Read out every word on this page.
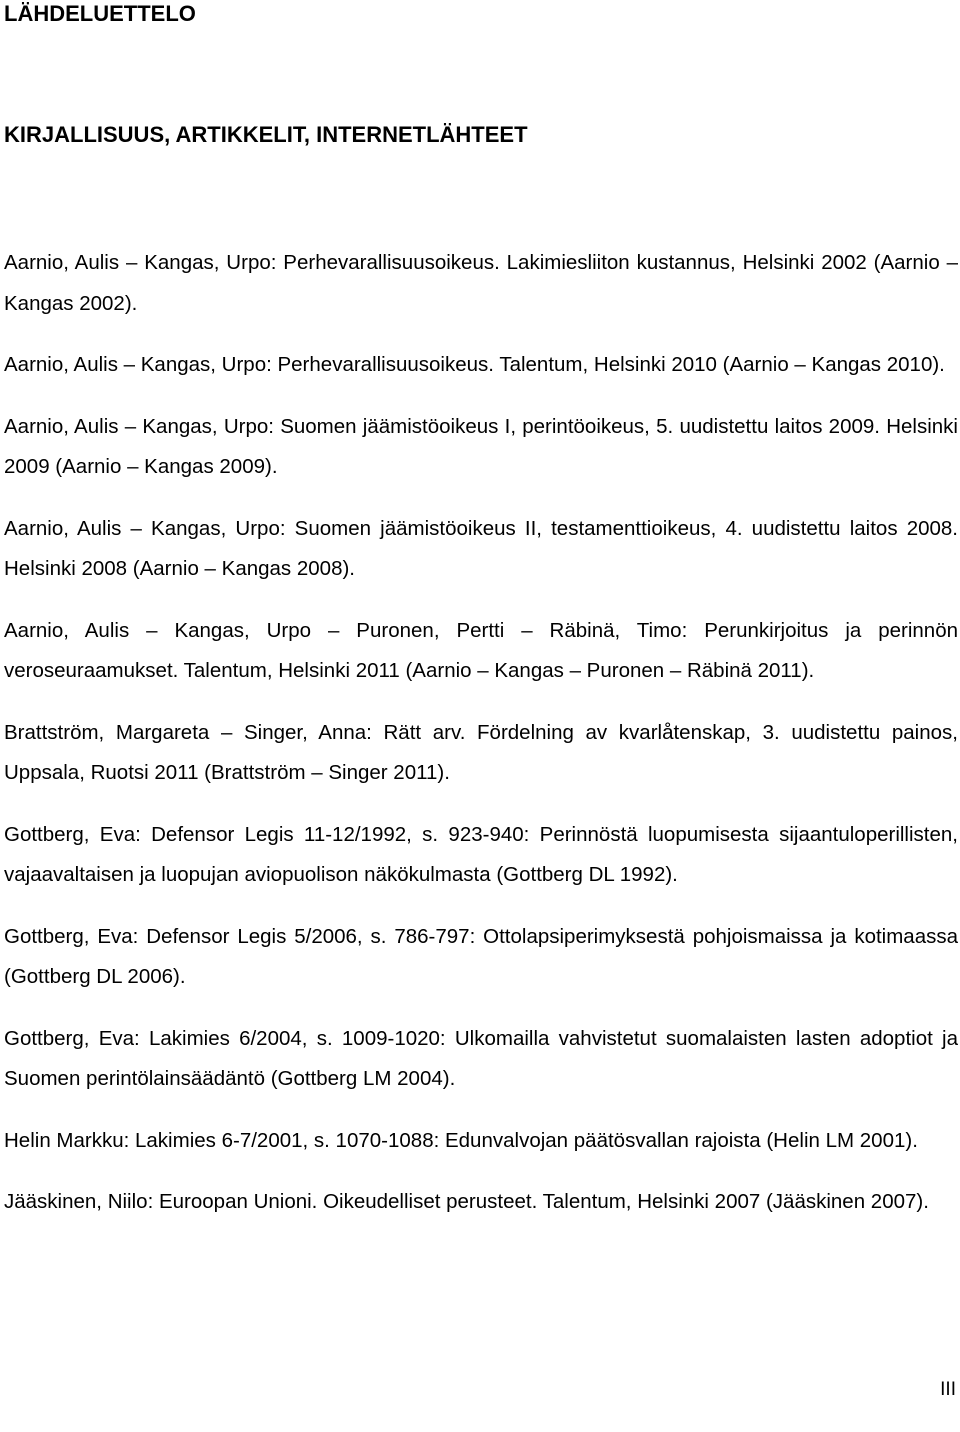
LÄHDELUETTELO
KIRJALLISUUS, ARTIKKELIT, INTERNETLÄHTEET
Aarnio, Aulis – Kangas, Urpo: Perhevarallisuusoikeus. Lakimiesliiton kustannus, Helsinki 2002 (Aarnio – Kangas 2002).
Aarnio, Aulis – Kangas, Urpo: Perhevarallisuusoikeus. Talentum, Helsinki 2010 (Aarnio – Kangas 2010).
Aarnio, Aulis – Kangas, Urpo: Suomen jäämistöoikeus I, perintöoikeus, 5. uudistettu laitos 2009. Helsinki 2009 (Aarnio – Kangas 2009).
Aarnio, Aulis – Kangas, Urpo: Suomen jäämistöoikeus II, testamenttioikeus, 4. uudistettu laitos 2008. Helsinki 2008 (Aarnio – Kangas 2008).
Aarnio, Aulis – Kangas, Urpo – Puronen, Pertti – Räbinä, Timo: Perunkirjoitus ja perinnön veroseuraamukset. Talentum, Helsinki 2011 (Aarnio – Kangas – Puronen – Räbinä 2011).
Brattström, Margareta – Singer, Anna: Rätt arv. Fördelning av kvarlåtenskap, 3. uudistettu painos, Uppsala, Ruotsi 2011 (Brattström – Singer 2011).
Gottberg, Eva: Defensor Legis 11-12/1992, s. 923-940: Perinnöstä luopumisesta sijaantuloperillisten, vajaavaltaisen ja luopujan aviopuolison näkökulmasta (Gottberg DL 1992).
Gottberg, Eva: Defensor Legis 5/2006, s. 786-797: Ottolapsiperimyksestä pohjoismaissa ja kotimaassa (Gottberg DL 2006).
Gottberg, Eva: Lakimies 6/2004, s. 1009-1020: Ulkomailla vahvistetut suomalaisten lasten adoptiot ja Suomen perintölainsäädäntö (Gottberg LM 2004).
Helin Markku: Lakimies 6-7/2001, s. 1070-1088: Edunvalvojan päätösvallan rajoista (Helin LM 2001).
Jääskinen, Niilo: Euroopan Unioni. Oikeudelliset perusteet. Talentum, Helsinki 2007 (Jääskinen 2007).
III
